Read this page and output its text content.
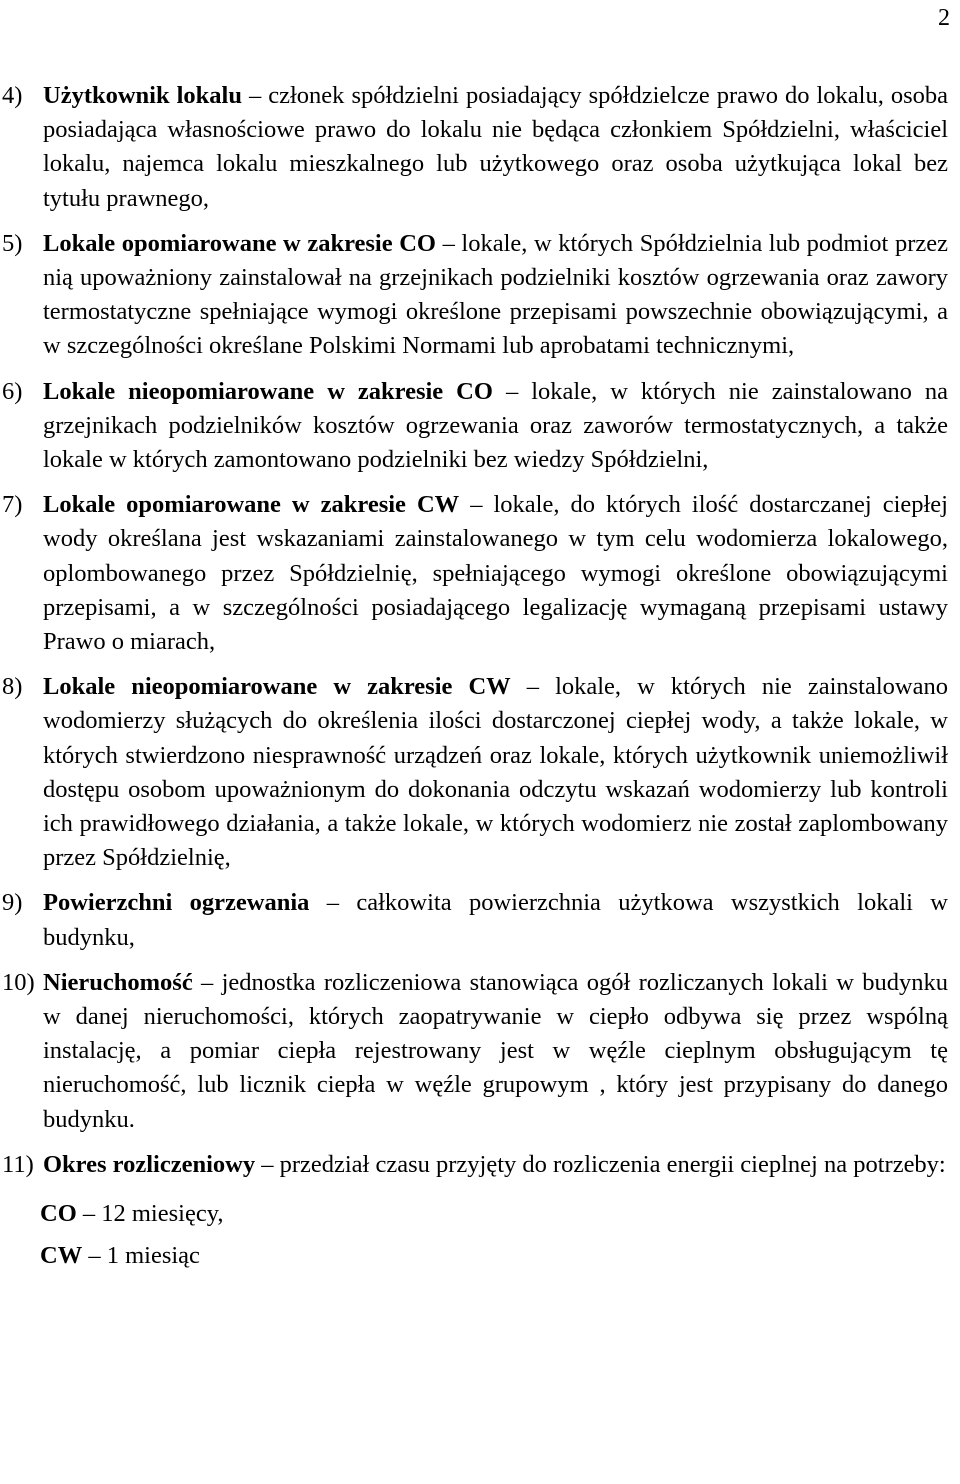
2
4) Użytkownik lokalu – członek spółdzielni posiadający spółdzielcze prawo do lokalu, osoba posiadająca własnościowe prawo do lokalu nie będąca członkiem Spółdzielni, właściciel lokalu, najemca lokalu mieszkalnego lub użytkowego oraz osoba użytkująca lokal bez tytułu prawnego,
5) Lokale opomiarowane w zakresie CO – lokale, w których Spółdzielnia lub podmiot przez nią upoważniony zainstalował na grzejnikach podzielniki kosztów ogrzewania oraz zawory termostatyczne spełniające wymogi określone przepisami powszechnie obowiązującymi, a w szczególności określane Polskimi Normami lub aprobatami technicznymi,
6) Lokale nieopomiarowane w zakresie CO – lokale, w których nie zainstalowano na grzejnikach podzielników kosztów ogrzewania oraz zaworów termostatycznych, a także lokale w których zamontowano podzielniki bez wiedzy Spółdzielni,
7) Lokale opomiarowane w zakresie CW – lokale, do których ilość dostarczanej ciepłej wody określana jest wskazaniami zainstalowanego w tym celu wodomierza lokalowego, oplombowanego przez Spółdzielnię, spełniającego wymogi określone obowiązującymi przepisami, a w szczególności posiadającego legalizację wymaganą przepisami ustawy Prawo o miarach,
8) Lokale nieopomiarowane w zakresie CW – lokale, w których nie zainstalowano wodomierzy służących do określenia ilości dostarczonej ciepłej wody, a także lokale, w których stwierdzono niesprawność urządzeń oraz lokale, których użytkownik uniemożliwił dostępu osobom upoważnionym do dokonania odczytu wskazań wodomierzy lub kontroli ich prawidłowego działania, a także lokale, w których wodomierz nie został zaplombowany przez Spółdzielnię,
9) Powierzchni ogrzewania – całkowita powierzchnia użytkowa wszystkich lokali w budynku,
10) Nieruchomość – jednostka rozliczeniowa stanowiąca ogół rozliczanych lokali w budynku w danej nieruchomości, których zaopatrywanie w ciepło odbywa się przez wspólną instalację, a pomiar ciepła rejestrowany jest w węźle cieplnym obsługującym tę nieruchomość, lub licznik ciepła w węźle grupowym , który jest przypisany do danego budynku.
11) Okres rozliczeniowy – przedział czasu przyjęty do rozliczenia energii cieplnej na potrzeby:
CO – 12 miesięcy,
CW – 1 miesiąc
